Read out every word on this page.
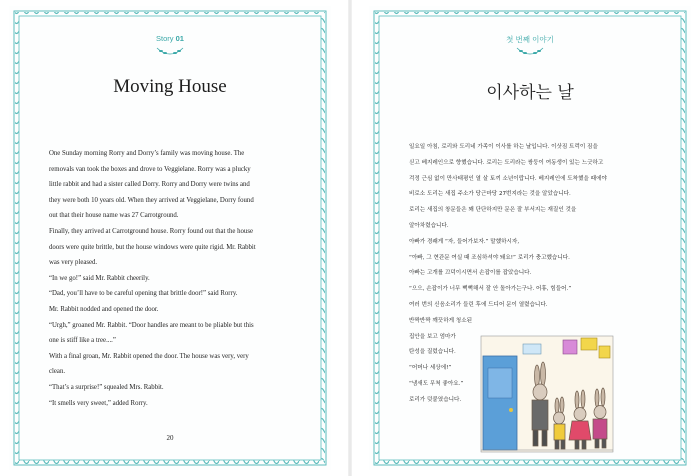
Story 01
Moving House
One Sunday morning Rorry and Dorry’s family was moving house. The
removals van took the boxes and drove to Veggielane. Rorry was a plucky
little rabbit and had a sister called Dorry. Rorry and Dorry were twins and
they were both 10 years old. When they arrived at Veggielane, Dorry found
out that their house name was 27 Carrotground.
Finally, they arrived at Carrotground house. Rorry found out that the house
doors were quite brittle, but the house windows were quite rigid. Mr. Rabbit
was very pleased.
“In we go!” said Mr. Rabbit cheerily.
“Dad, you’ll have to be careful opening that brittle door!” said Rorry.
Mr. Rabbit nodded and opened the door.
“Urgh,” groaned Mr. Rabbit. “Door handles are meant to be pliable but this
one is stiff like a tree....”
With a final groan, Mr. Rabbit opened the door. The house was very, very
clean.
“That’s a surprise!” squealed Mrs. Rabbit.
“It smells very sweet,” added Rorry.
20
첫 번째 이야기
이사하는 날
일요일 아침, 로리와 도리네 가족이 이사를 하는 날입니다. 이삿짐 트럭이 짐을
싣고 베지레인으로 향했습니다. 로리는 도리라는 쌍둥이 여동생이 있는 느긋하고
걱정 근심 없이 만사태평인 열 살 토끼 소년이랍니다. 베지레인에 도착했을 때에야
비로소 도리는 새집 주소가 당근마당 27번지라는 것을 알았습니다.
로리는 새집의 창문들은 꽤 단단하지만 문은 잘 부서지는 재질인 것을
알아차렸습니다.
아빠가 경쾌게 “자, 들어가보자.” 말했하시자,
“아빠, 그 현관문 여실 때 조심하셔야 돼요!” 로리가 충고했습니다.
아빠는 고개를 끄덕이시면서 손잡이를 잡았습니다.
“으으, 손잡이가 너무 뻑뻑해서 잘 안 돌아가는구나. 어휴, 힘들어.”
여러 번의 신음소리가 들린 후에 드디어 문이 열렸습니다.
반짝반짝 깨끗하게 청소된
집안을 보고 엄마가
탄성을 질렀습니다.
“어머나 세상에!”
“냄새도 무척 좋아요.”
로리가 덧붙였습니다.
